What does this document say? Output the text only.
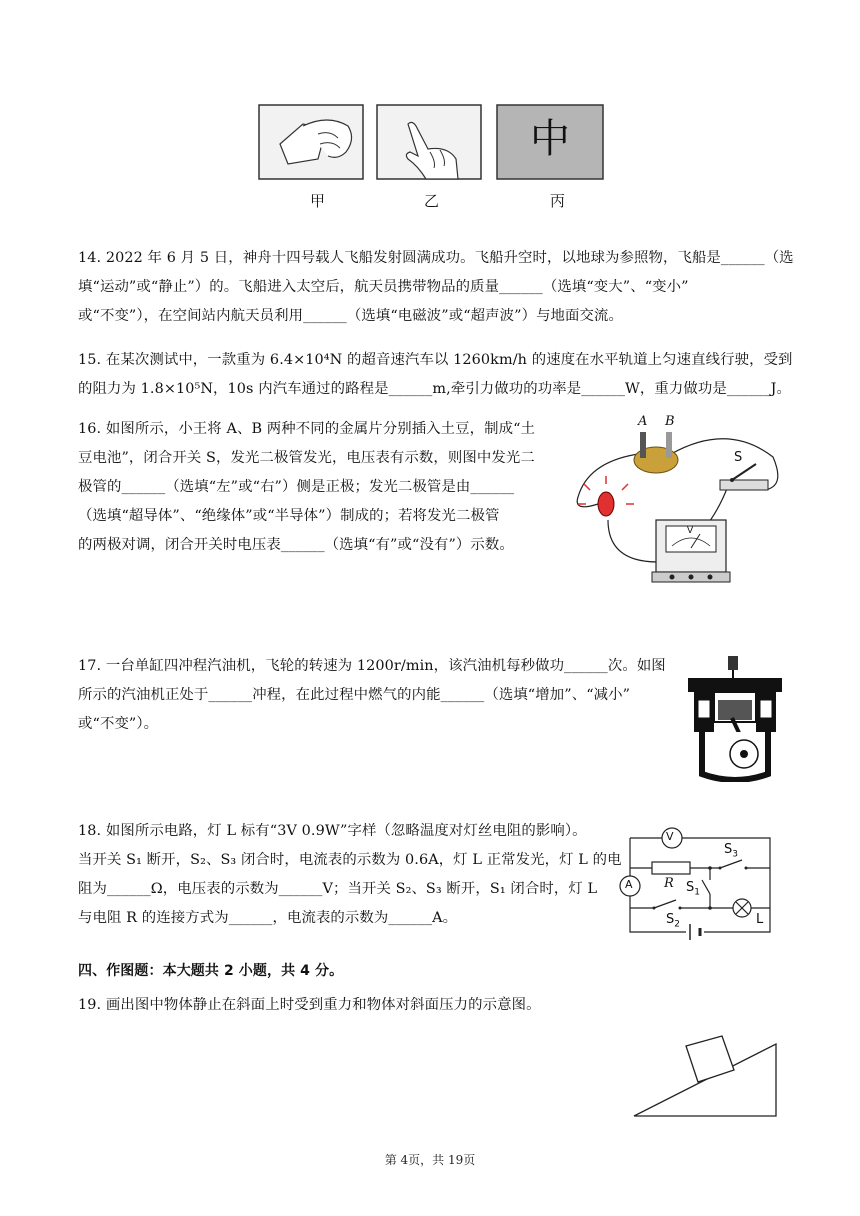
中
甲	乙	丙

14. 2022 年 6 月 5 日，神舟十四号载人飞船发射圆满成功。飞船升空时，以地球为参照物，飞船是______（选

填“运动”或“静止”）的。飞船进入太空后，航天员携带物品的质量______（选填“变大”、“变小”

或“不变”），在空间站内航天员利用______（选填“电磁波”或“超声波”）与地面交流。

15. 在某次测试中，一款重为 6.4×10⁴N 的超音速汽车以 1260km/h 的速度在水平轨道上匀速直线行驶，受到

的阻力为 1.8×10⁵N，10s 内汽车通过的路程是______m,牵引力做功的功率是______W，重力做功是______J。

16. 如图所示，小王将 A、B 两种不同的金属片分别插入土豆，制成“土

豆电池”，闭合开关 S，发光二极管发光，电压表有示数，则图中发光二

极管的______（选填“左”或“右”）侧是正极；发光二极管是由______

（选填“超导体”、“绝缘体”或“半导体”）制成的；若将发光二极管

的两极对调，闭合开关时电压表______（选填“有”或“没有”）示数。

A B
S
V

17. 一台单缸四冲程汽油机，飞轮的转速为 1200r/min，该汽油机每秒做功______次。如图

所示的汽油机正处于______冲程，在此过程中燃气的内能______（选填“增加”、“减小”

或“不变”）。

18. 如图所示电路，灯 L 标有“3V 0.9W”字样（忽略温度对灯丝电阻的影响）。

当开关 S₁ 断开，S₂、S₃ 闭合时，电流表的示数为 0.6A，灯 L 正常发光，灯 L 的电

阻为______Ω，电压表的示数为______V；当开关 S₂、S₃ 断开，S₁ 闭合时，灯 L

与电阻 R 的连接方式为______，电流表的示数为______A。

V
A R
$S_3$
$S_1$
$S_2$	L
四、作图题：本大题共 2 小题，共 4 分。
19. 画出图中物体静止在斜面上时受到重力和物体对斜面压力的示意图。
第 4页，共 19页
